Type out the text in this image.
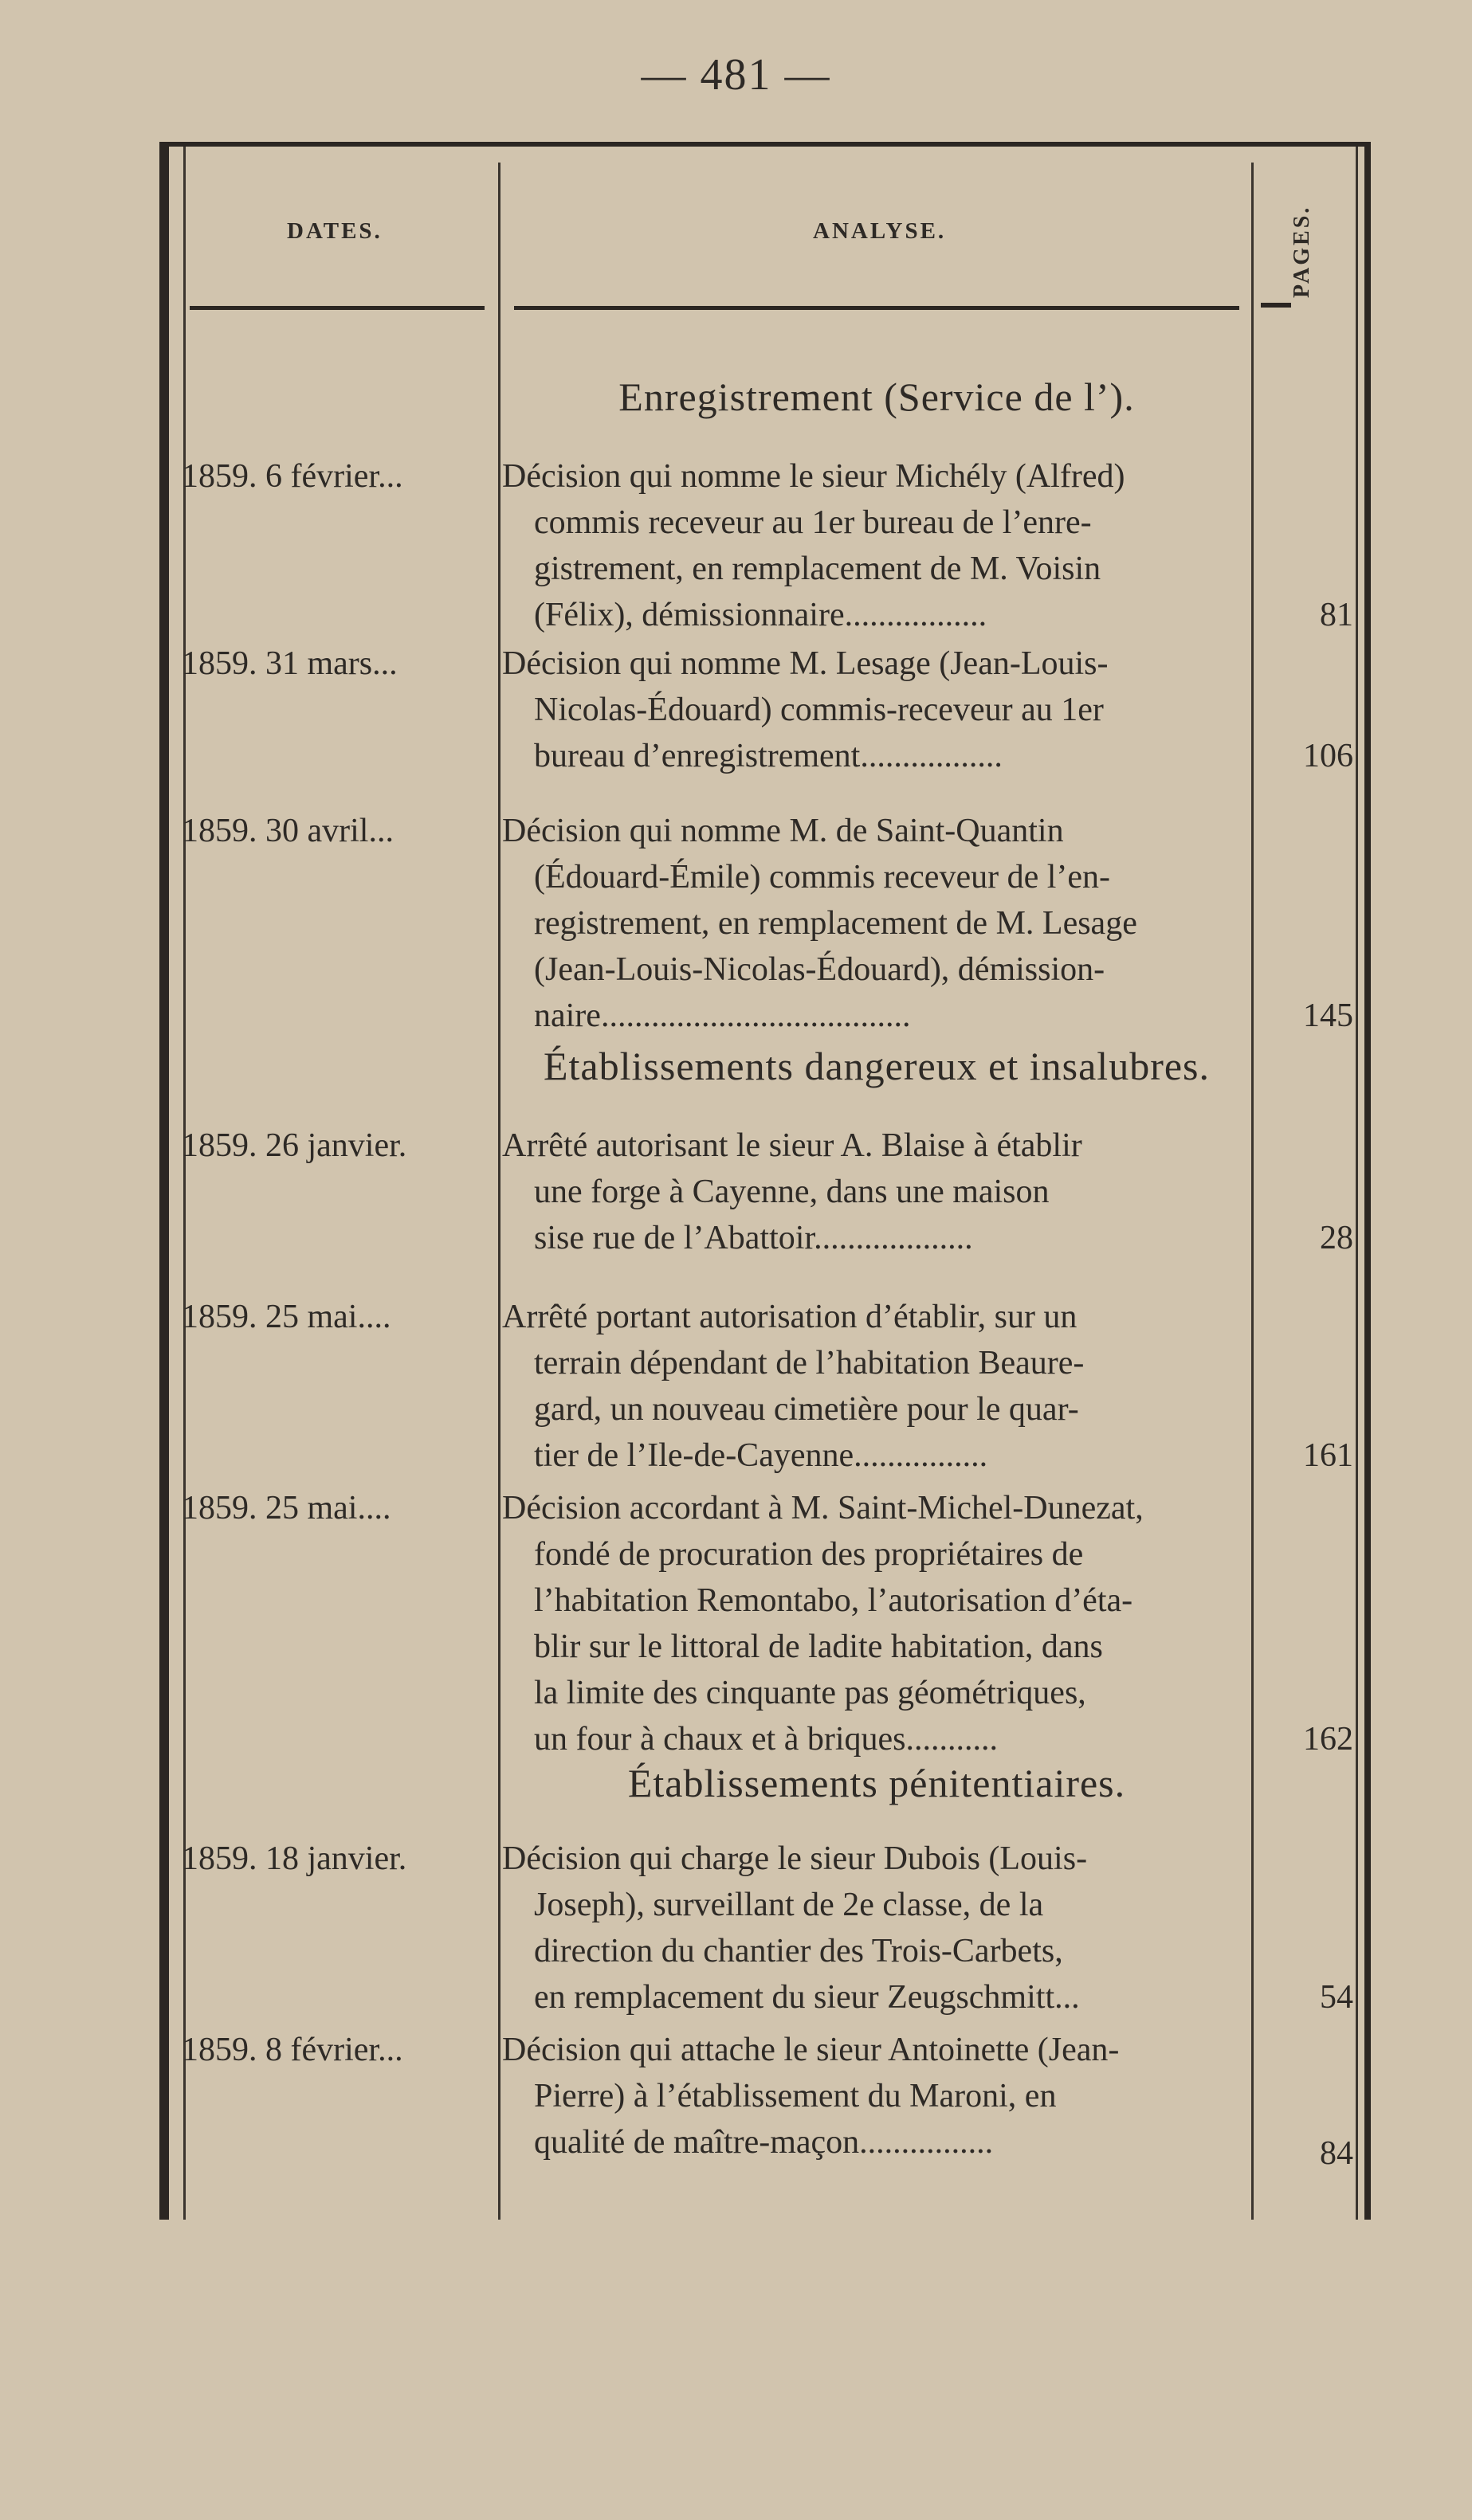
— 481 —
DATES.	ANALYSE.	PAGES.
Enregistrement (Service de l’).
1859. 6 février...	Décision qui nomme le sieur Michély (Alfred)
commis receveur au 1er bureau de l’enre-
gistrement, en remplacement de M. Voisin
(Félix), démissionnaire.................	81
1859. 31 mars...	Décision qui nomme M. Lesage (Jean-Louis-
Nicolas-Édouard) commis-receveur au 1er
bureau d’enregistrement.................	106
1859. 30 avril...	Décision qui nomme M. de Saint-Quantin
(Édouard-Émile) commis receveur de l’en-
registrement, en remplacement de M. Lesage
(Jean-Louis-Nicolas-Édouard), démission-
naire.....................................	145
Établissements dangereux et insalubres.
1859. 26 janvier.	Arrêté autorisant le sieur A. Blaise à établir
une forge à Cayenne, dans une maison
sise rue de l’Abattoir...................	28
1859. 25 mai....	Arrêté portant autorisation d’établir, sur un
terrain dépendant de l’habitation Beaure-
gard, un nouveau cimetière pour le quar-
tier de l’Ile-de-Cayenne................	161
1859. 25 mai....	Décision accordant à M. Saint-Michel-Dunezat,
fondé de procuration des propriétaires de
l’habitation Remontabo, l’autorisation d’éta-
blir sur le littoral de ladite habitation, dans
la limite des cinquante pas géométriques,
un four à chaux et à briques...........	162
Établissements pénitentiaires.
1859. 18 janvier.	Décision qui charge le sieur Dubois (Louis-
Joseph), surveillant de 2e classe, de la
direction du chantier des Trois-Carbets,
en remplacement du sieur Zeugschmitt...	54
1859. 8 février...	Décision qui attache le sieur Antoinette (Jean-
Pierre) à l’établissement du Maroni, en
qualité de maître-maçon................	84
